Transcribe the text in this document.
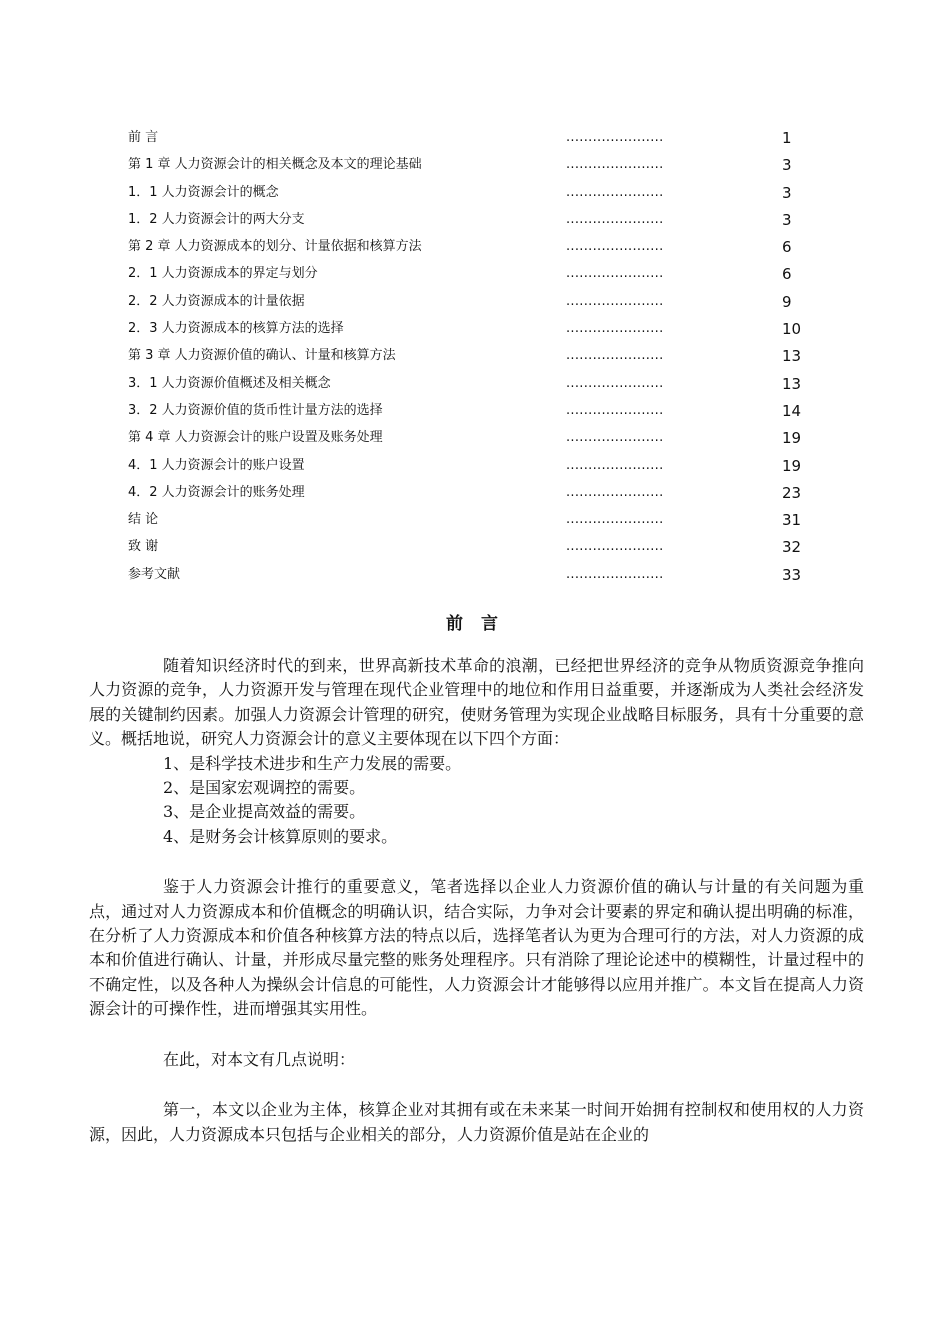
前 言	......................	1
第 1 章 人力资源会计的相关概念及本文的理论基础	......................	3
1．1 人力资源会计的概念	......................	3
1．2 人力资源会计的两大分支	......................	3
第 2 章 人力资源成本的划分、计量依据和核算方法	......................	6
2．1 人力资源成本的界定与划分	......................	6
2．2 人力资源成本的计量依据	......................	9
2．3 人力资源成本的核算方法的选择	......................	10
第 3 章 人力资源价值的确认、计量和核算方法	......................	13
3．1 人力资源价值概述及相关概念	......................	13
3．2 人力资源价值的货币性计量方法的选择	......................	14
第 4 章 人力资源会计的账户设置及账务处理	......................	19
4．1 人力资源会计的账户设置	......................	19
4．2 人力资源会计的账务处理	......................	23
结 论	......................	31
致 谢	......................	32
参考文献	......................	33
前 言

随着知识经济时代的到来，世界高新技术革命的浪潮，已经把世界经济的竞争从物质资源竞争推向人力资源的竞争，人力资源开发与管理在现代企业管理中的地位和作用日益重要，并逐渐成为人类社会经济发展的关键制约因素。加强人力资源会计管理的研究，使财务管理为实现企业战略目标服务，具有十分重要的意义。概括地说，研究人力资源会计的意义主要体现在以下四个方面：

1、是科学技术进步和生产力发展的需要。

2、是国家宏观调控的需要。

3、是企业提高效益的需要。

4、是财务会计核算原则的要求。

鉴于人力资源会计推行的重要意义，笔者选择以企业人力资源价值的确认与计量的有关问题为重点，通过对人力资源成本和价值概念的明确认识，结合实际，力争对会计要素的界定和确认提出明确的标准，在分析了人力资源成本和价值各种核算方法的特点以后，选择笔者认为更为合理可行的方法，对人力资源的成本和价值进行确认、计量，并形成尽量完整的账务处理程序。只有消除了理论论述中的模糊性，计量过程中的不确定性，以及各种人为操纵会计信息的可能性，人力资源会计才能够得以应用并推广。本文旨在提高人力资源会计的可操作性，进而增强其实用性。

在此，对本文有几点说明：

第一，本文以企业为主体，核算企业对其拥有或在未来某一时间开始拥有控制权和使用权的人力资源，因此，人力资源成本只包括与企业相关的部分，人力资源价值是站在企业的
